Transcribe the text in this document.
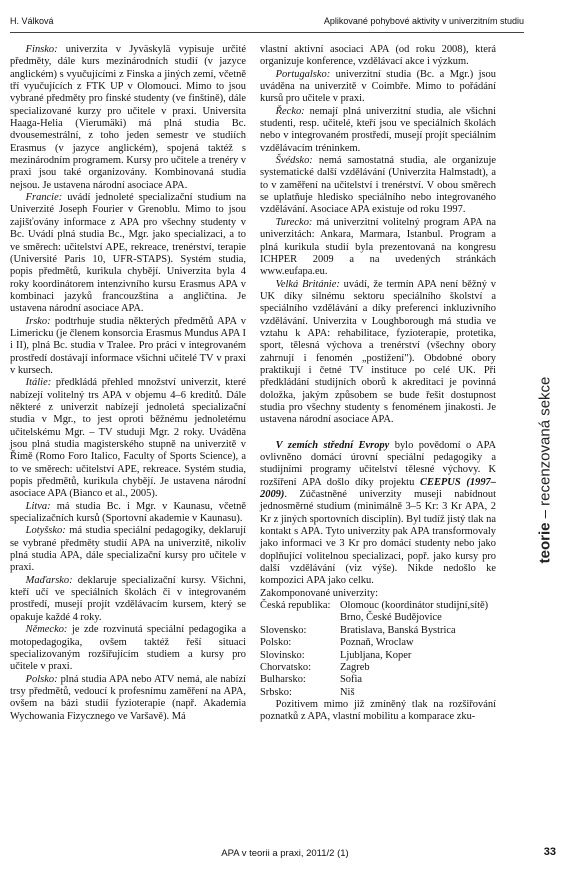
H. Válková	Aplikované pohybové aktivity v univerzitním studiu

Finsko: univerzita v Jyväskylä vypisuje určité předměty, dále kurs mezinárodních studií (v jazyce anglickém) s vyučujícími z Finska a jiných zemí, včetně tří vyučujících z FTK UP v Olomouci. Mimo to jsou vybrané předměty pro finské studenty (ve finštině), dále specializované kurzy pro učitele v praxi. Universita Haaga-Helia (Vierumäki) má plná studia Bc. dvousemestrální, z toho jeden semestr ve studiích Erasmus (v jazyce anglickém), spojená taktéž s mezinárodním programem. Kursy pro učitele a trenéry v praxi jsou také organizovány. Kombinovaná studia nejsou. Je ustavena národní asociace APA.

Francie: uvádí jednoleté specializační studium na Univerzité Joseph Fourier v Grenoblu. Mimo to jsou zajišťovány informace z APA pro všechny studenty v Bc. Uvádí plná studia Bc., Mgr. jako specializaci, a to ve směrech: učitelství APE, rekreace, trenérství, terapie (Université Paris 10, UFR-STAPS). Systém studia, popis předmětů, kurikula chybějí. Univerzita byla 4 roky koordinátorem intenzivního kursu Erasmus APA v kombinaci jazyků francouzština a angličtina. Je ustavena národní asociace APA.

Irsko: podtrhuje studia některých předmětů APA v Limericku (je členem konsorcia Erasmus Mundus APA I i II), plná Bc. studia v Tralee. Pro práci v integrovaném prostředí dostávají informace všichni učitelé TV v praxi v kursech.

Itálie: předkládá přehled množství univerzit, které nabízejí volitelný trs APA v objemu 4–6 kreditů. Dále některé z univerzit nabízejí jednoletá specializační studia v Mgr., to jest oproti běžnému jednoletému učitelskému Mgr. – TV studuji Mgr. 2 roky. Uváděna jsou plná studia magisterského stupně na univerzitě v Římě (Romo Foro Italico, Faculty of Sports Science), a to ve směrech: učitelství APE, rekreace. Systém studia, popis předmětů, kurikula chybějí. Je ustavena národní asociace APA (Bianco et al., 2005).

Litva: má studia Bc. i Mgr. v Kaunasu, včetně specializačních kursů (Sportovní akademie v Kaunasu).

Lotyšsko: má studia speciální pedagogiky, deklarují se vybrané předměty studií APA na univerzitě, nikoliv plná studia APA, dále specializační kursy pro učitele v praxi.

Maďarsko: deklaruje specializační kursy. Všichni, kteří učí ve speciálních školách či v integrovaném prostředí, musejí projít vzdělávacím kursem, který se opakuje každé 4 roky.

Německo: je zde rozvinutá speciální pedagogika a motopedagogika, ovšem taktéž řeší situaci specializovaným rozšiřujícím studiem a kursy pro učitele v praxi.

Polsko: plná studia APA nebo ATV nemá, ale nabízí trsy předmětů, vedoucí k profesnímu zaměření na APA, ovšem na bázi studií fyzioterapie (např. Akademia Wychowania Fizycznego ve Varšavě). Má

vlastní aktivní asociaci APA (od roku 2008), která organizuje konference, vzdělávací akce i výzkum.

Portugalsko: univerzitní studia (Bc. a Mgr.) jsou uváděna na univerzitě v Coimbře. Mimo to pořádání kursů pro učitele v praxi.

Řecko: nemají plná univerzitní studia, ale všichni studenti, resp. učitelé, kteří jsou ve speciálních školách nebo v integrovaném prostředí, musejí projít speciálním vzdělávacím tréninkem.

Švédsko: nemá samostatná studia, ale organizuje systematické další vzdělávání (Univerzita Halmstadt), a to v zaměření na učitelství i trenérství. V obou směrech se uplatňuje hledisko speciálního nebo integrovaného vzdělávání. Asociace APA existuje od roku 1997.

Turecko: má univerzitní volitelný program APA na univerzitách: Ankara, Marmara, Istanbul. Program a plná kurikula studií byla prezentovaná na kongresu ICHPER 2009 a na uvedených stránkách www.eufapa.eu.

Velká Británie: uvádí, že termín APA není běžný v UK díky silnému sektoru speciálního školství a speciálního vzdělávání a díky preferenci inkluzivního vzdělávání. Univerzita v Loughborough má studia ve vztahu k APA: rehabilitace, fyzioterapie, protetika, sport, tělesná výchova a trenérství (všechny obory zahrnují i fenomén „postižení"). Obdobné obory praktikují i četné TV instituce po celé UK. Při předkládání studijních oborů k akreditaci je povinná doložka, jakým způsobem se bude řešit dostupnost studia pro všechny studenty s fenoménem jinakosti. Je ustavena národní asociace APA.

V zemích střední Evropy bylo povědomí o APA ovlivněno domácí úrovní speciální pedagogiky a studijními programy učitelství tělesné výchovy. K rozšíření APA došlo díky projektu CEEPUS (1997–2009). Zúčastněné univerzity museji nabídnout jednosměrné studium (minimálně 3–5 Kr: 3 Kr APA, 2 Kr z jiných sportovních disciplín). Byl tudíž jistý tlak na kontakt s APA. Tyto univerzity pak APA transformovaly jako informaci ve 3 Kr pro domácí studenty nebo jako doplňující volitelnou specializaci, popř. jako kursy pro další vzdělávání (viz výše). Nikde nedošlo ke kompozici APA jako celku.

Zakomponované univerzity:
Česká republika:	Olomouc (koordinátor studijní,sítě)
	Brno, České Budějovice
Slovensko:	Bratislava, Banská Bystrica
Polsko:	Poznaň, Wroclaw
Slovinsko:	Ljubljana, Koper
Chorvatsko:	Zagreb
Bulharsko:	Sofia
Srbsko:	Niš

Pozitivem mimo již zmíněný tlak na rozšiřování poznatků z APA, vlastní mobilitu a komparace zku-

teorie – recenzovaná sekce
APA v teorii a praxi, 2011/2 (1)	33
